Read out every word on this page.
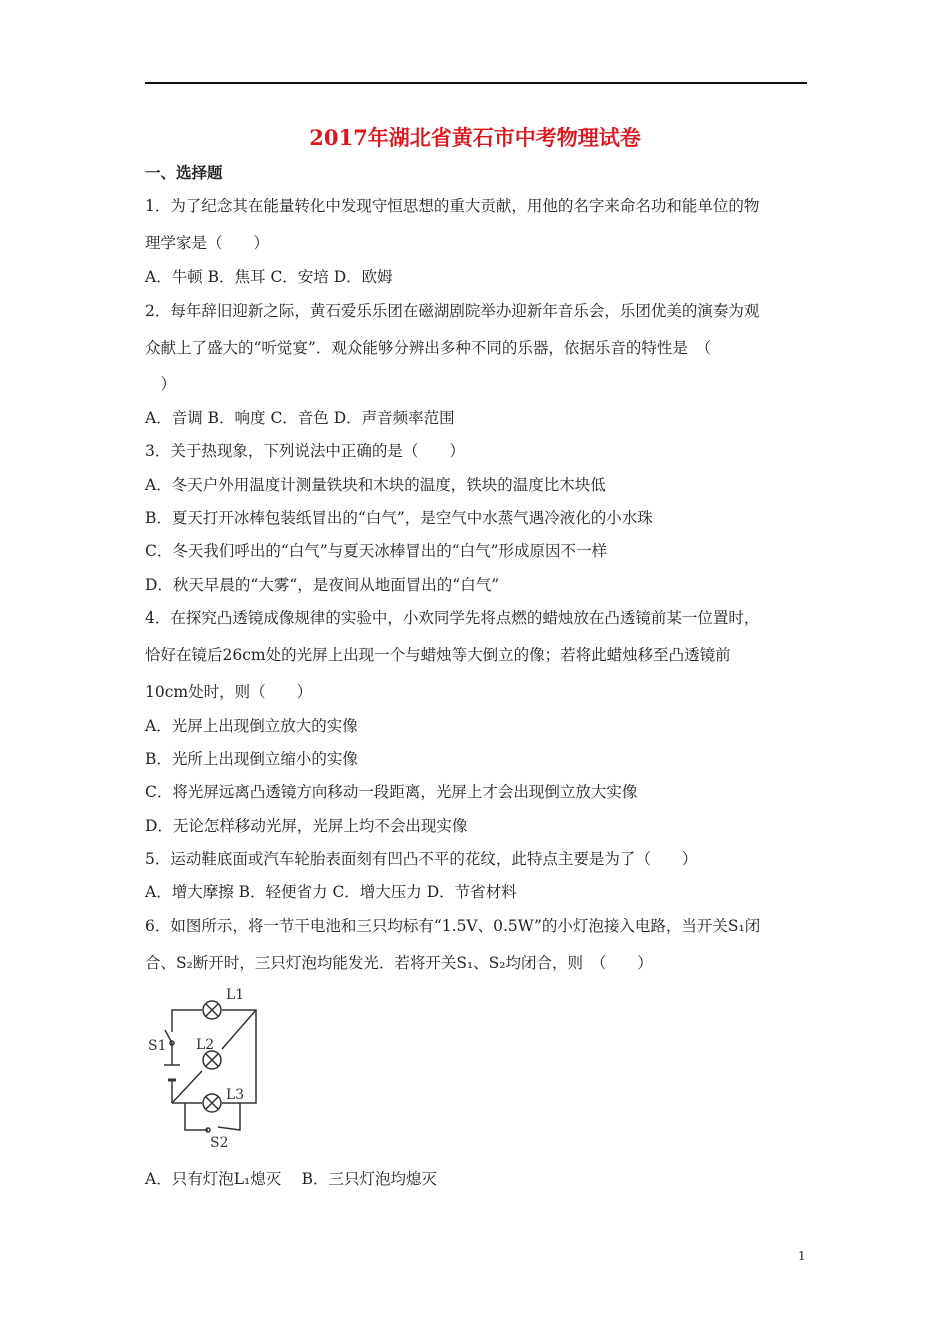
2017年湖北省黄石市中考物理试卷
一、选择题
1．为了纪念其在能量转化中发现守恒思想的重大贡献，用他的名字来命名功和能单位的物
理学家是（　　）
A．牛顿 B．焦耳 C．安培 D．欧姆
2．每年辞旧迎新之际，黄石爱乐乐团在磁湖剧院举办迎新年音乐会，乐团优美的演奏为观
众献上了盛大的“听觉宴”．观众能够分辨出多种不同的乐器，依据乐音的特性是　（
　）
A．音调 B．响度 C．音色 D．声音频率范围
3．关于热现象，下列说法中正确的是（　　）
A．冬天户外用温度计测量铁块和木块的温度，铁块的温度比木块低
B．夏天打开冰棒包装纸冒出的“白气”，是空气中水蒸气遇冷液化的小水珠
C．冬天我们呼出的“白气”与夏天冰棒冒出的“白气”形成原因不一样
D．秋天早晨的“大雾“，是夜间从地面冒出的“白气”
4．在探究凸透镜成像规律的实验中，小欢同学先将点燃的蜡烛放在凸透镜前某一位置时，
恰好在镜后26cm处的光屏上出现一个与蜡烛等大倒立的像；若将此蜡烛移至凸透镜前
10cm处时，则（　　）
A．光屏上出现倒立放大的实像
B．光所上出现倒立缩小的实像
C．将光屏远离凸透镜方向移动一段距离，光屏上才会出现倒立放大实像
D．无论怎样移动光屏，光屏上均不会出现实像
5．运动鞋底面或汽车轮胎表面刻有凹凸不平的花纹，此特点主要是为了（　　）
A．增大摩擦 B．轻便省力 C．增大压力 D．节省材料
6．如图所示，将一节干电池和三只均标有“1.5V、0.5W”的小灯泡接入电路，当开关S₁闭
合、S₂断开时，三只灯泡均能发光．若将开关S₁、S₂均闭合，则　（　　）
L1
L2
L3
S1
S2
A．只有灯泡L₁熄灭　 B．三只灯泡均熄灭
1
